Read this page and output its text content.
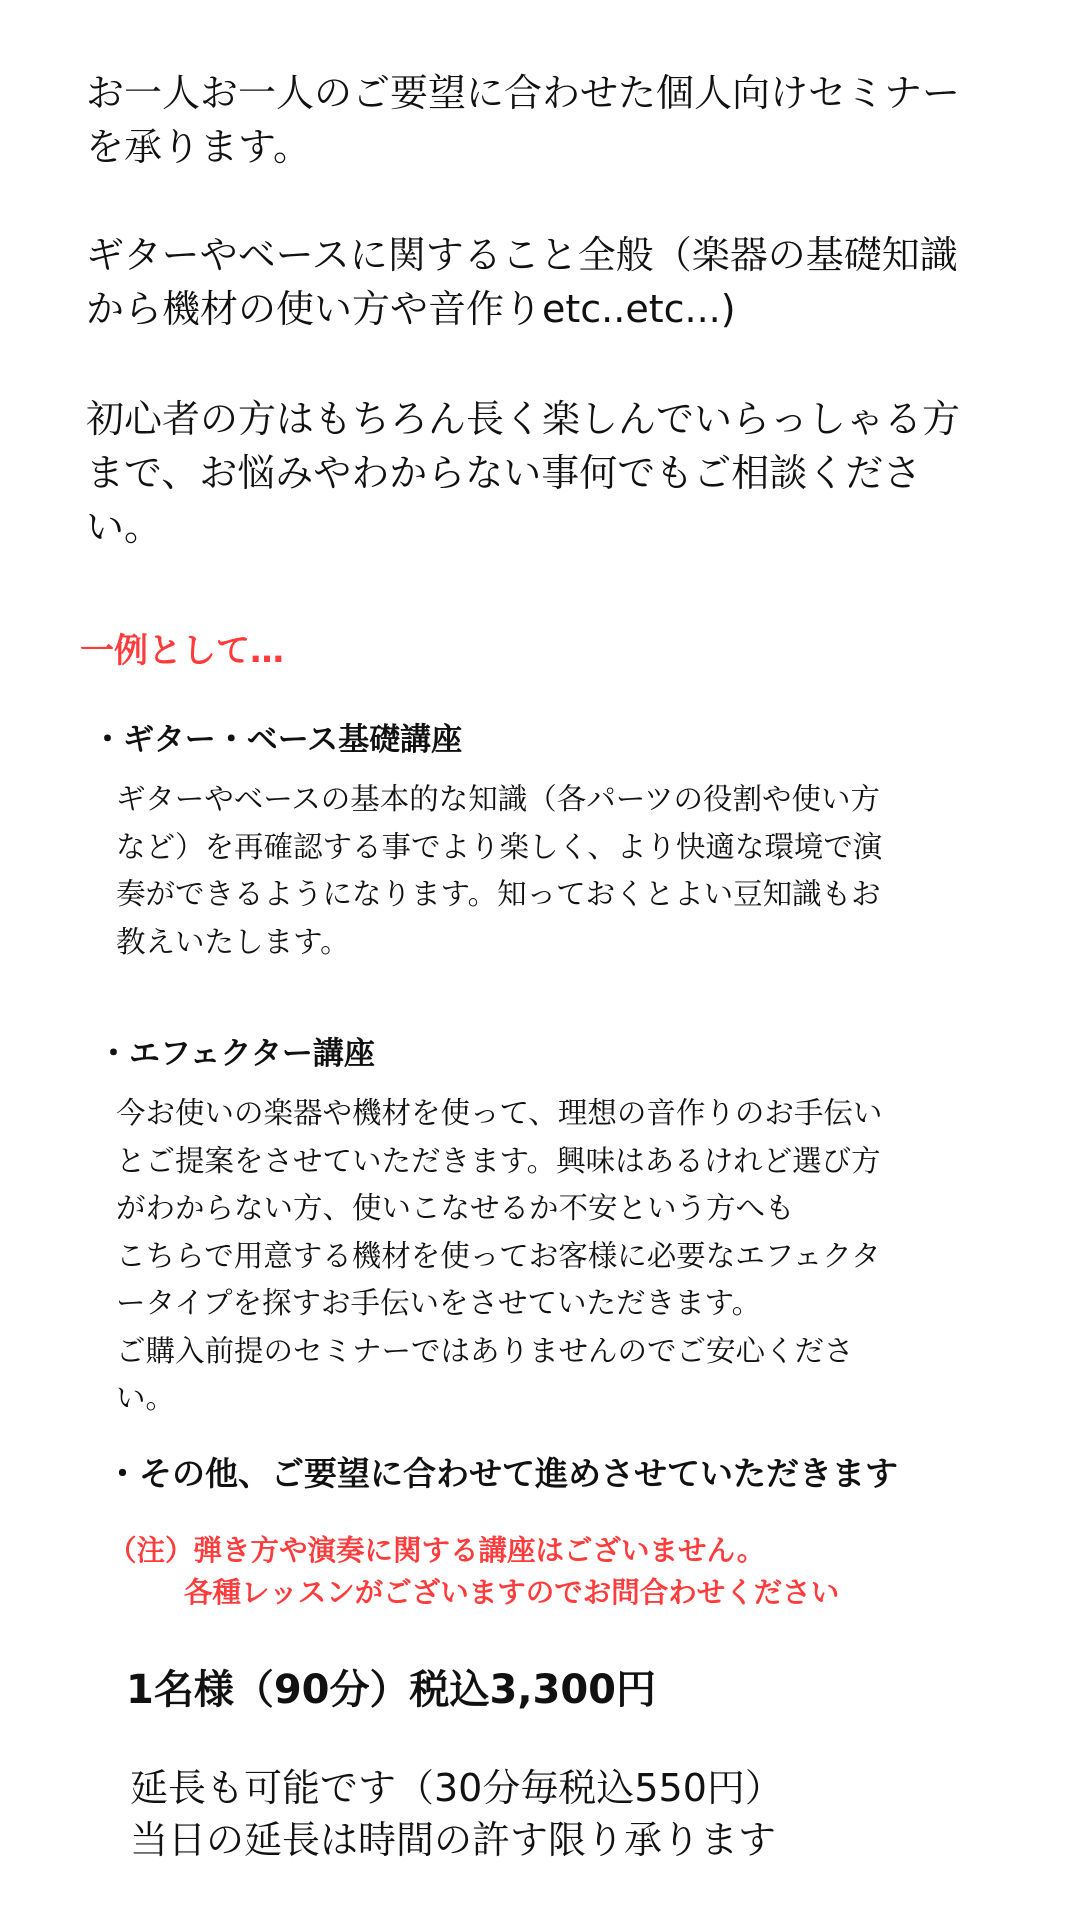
お一人お一人のご要望に合わせた個人向けセミナー
を承ります。

ギターやベースに関すること全般（楽器の基礎知識
から機材の使い方や音作りetc..etc...)

初心者の方はもちろん長く楽しんでいらっしゃる方
まで、お悩みやわからない事何でもご相談くださ
い。

一例として…
・ギター・ベース基礎講座

ギターやベースの基本的な知識（各パーツの役割や使い方
など）を再確認する事でより楽しく、より快適な環境で演
奏ができるようになります。知っておくとよい豆知識もお
教えいたします。

・エフェクター講座

今お使いの楽器や機材を使って、理想の音作りのお手伝い
とご提案をさせていただきます。興味はあるけれど選び方
がわからない方、使いこなせるか不安という方へも
こちらで用意する機材を使ってお客様に必要なエフェクタ
ータイプを探すお手伝いをさせていただきます。
ご購入前提のセミナーではありませんのでご安心くださ
い。

・その他、ご要望に合わせて進めさせていただきます

（注）弾き方や演奏に関する講座はございません。
各種レッスンがございますのでお問合わせください

1名様（90分）税込3,300円

延長も可能です（30分毎税込550円）
当日の延長は時間の許す限り承ります
